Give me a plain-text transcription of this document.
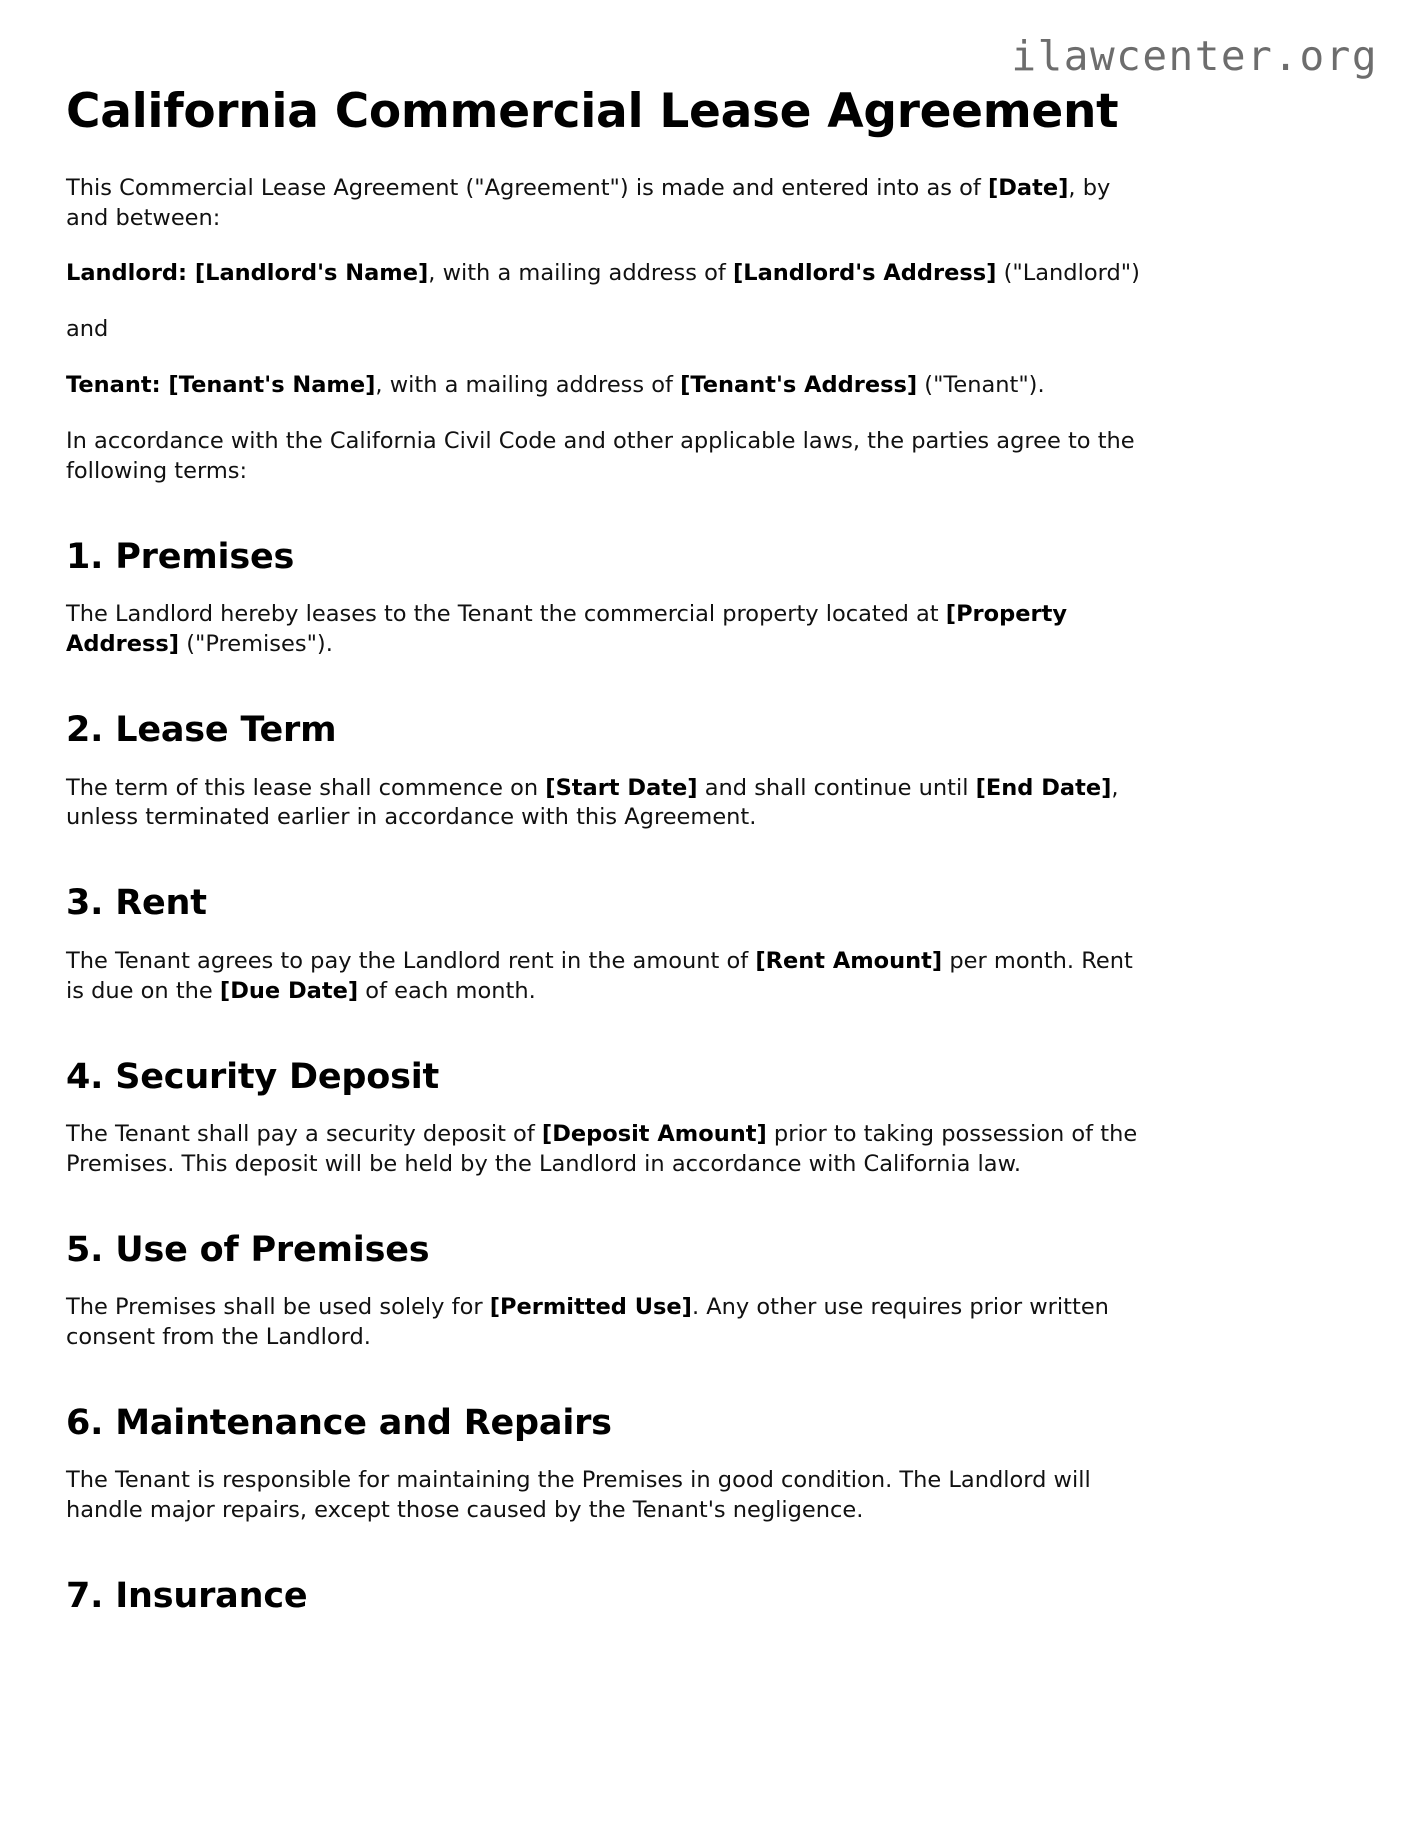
ilawcenter.org
California Commercial Lease Agreement

This Commercial Lease Agreement ("Agreement") is made and entered into as of [Date], by and between:

Landlord: [Landlord's Name], with a mailing address of [Landlord's Address] ("Landlord")

and

Tenant: [Tenant's Name], with a mailing address of [Tenant's Address] ("Tenant").

In accordance with the California Civil Code and other applicable laws, the parties agree to the following terms:

1. Premises

The Landlord hereby leases to the Tenant the commercial property located at [Property Address] ("Premises").

2. Lease Term

The term of this lease shall commence on [Start Date] and shall continue until [End Date], unless terminated earlier in accordance with this Agreement.

3. Rent

The Tenant agrees to pay the Landlord rent in the amount of [Rent Amount] per month. Rent is due on the [Due Date] of each month.

4. Security Deposit

The Tenant shall pay a security deposit of [Deposit Amount] prior to taking possession of the Premises. This deposit will be held by the Landlord in accordance with California law.

5. Use of Premises

The Premises shall be used solely for [Permitted Use]. Any other use requires prior written consent from the Landlord.

6. Maintenance and Repairs

The Tenant is responsible for maintaining the Premises in good condition. The Landlord will handle major repairs, except those caused by the Tenant's negligence.

7. Insurance
